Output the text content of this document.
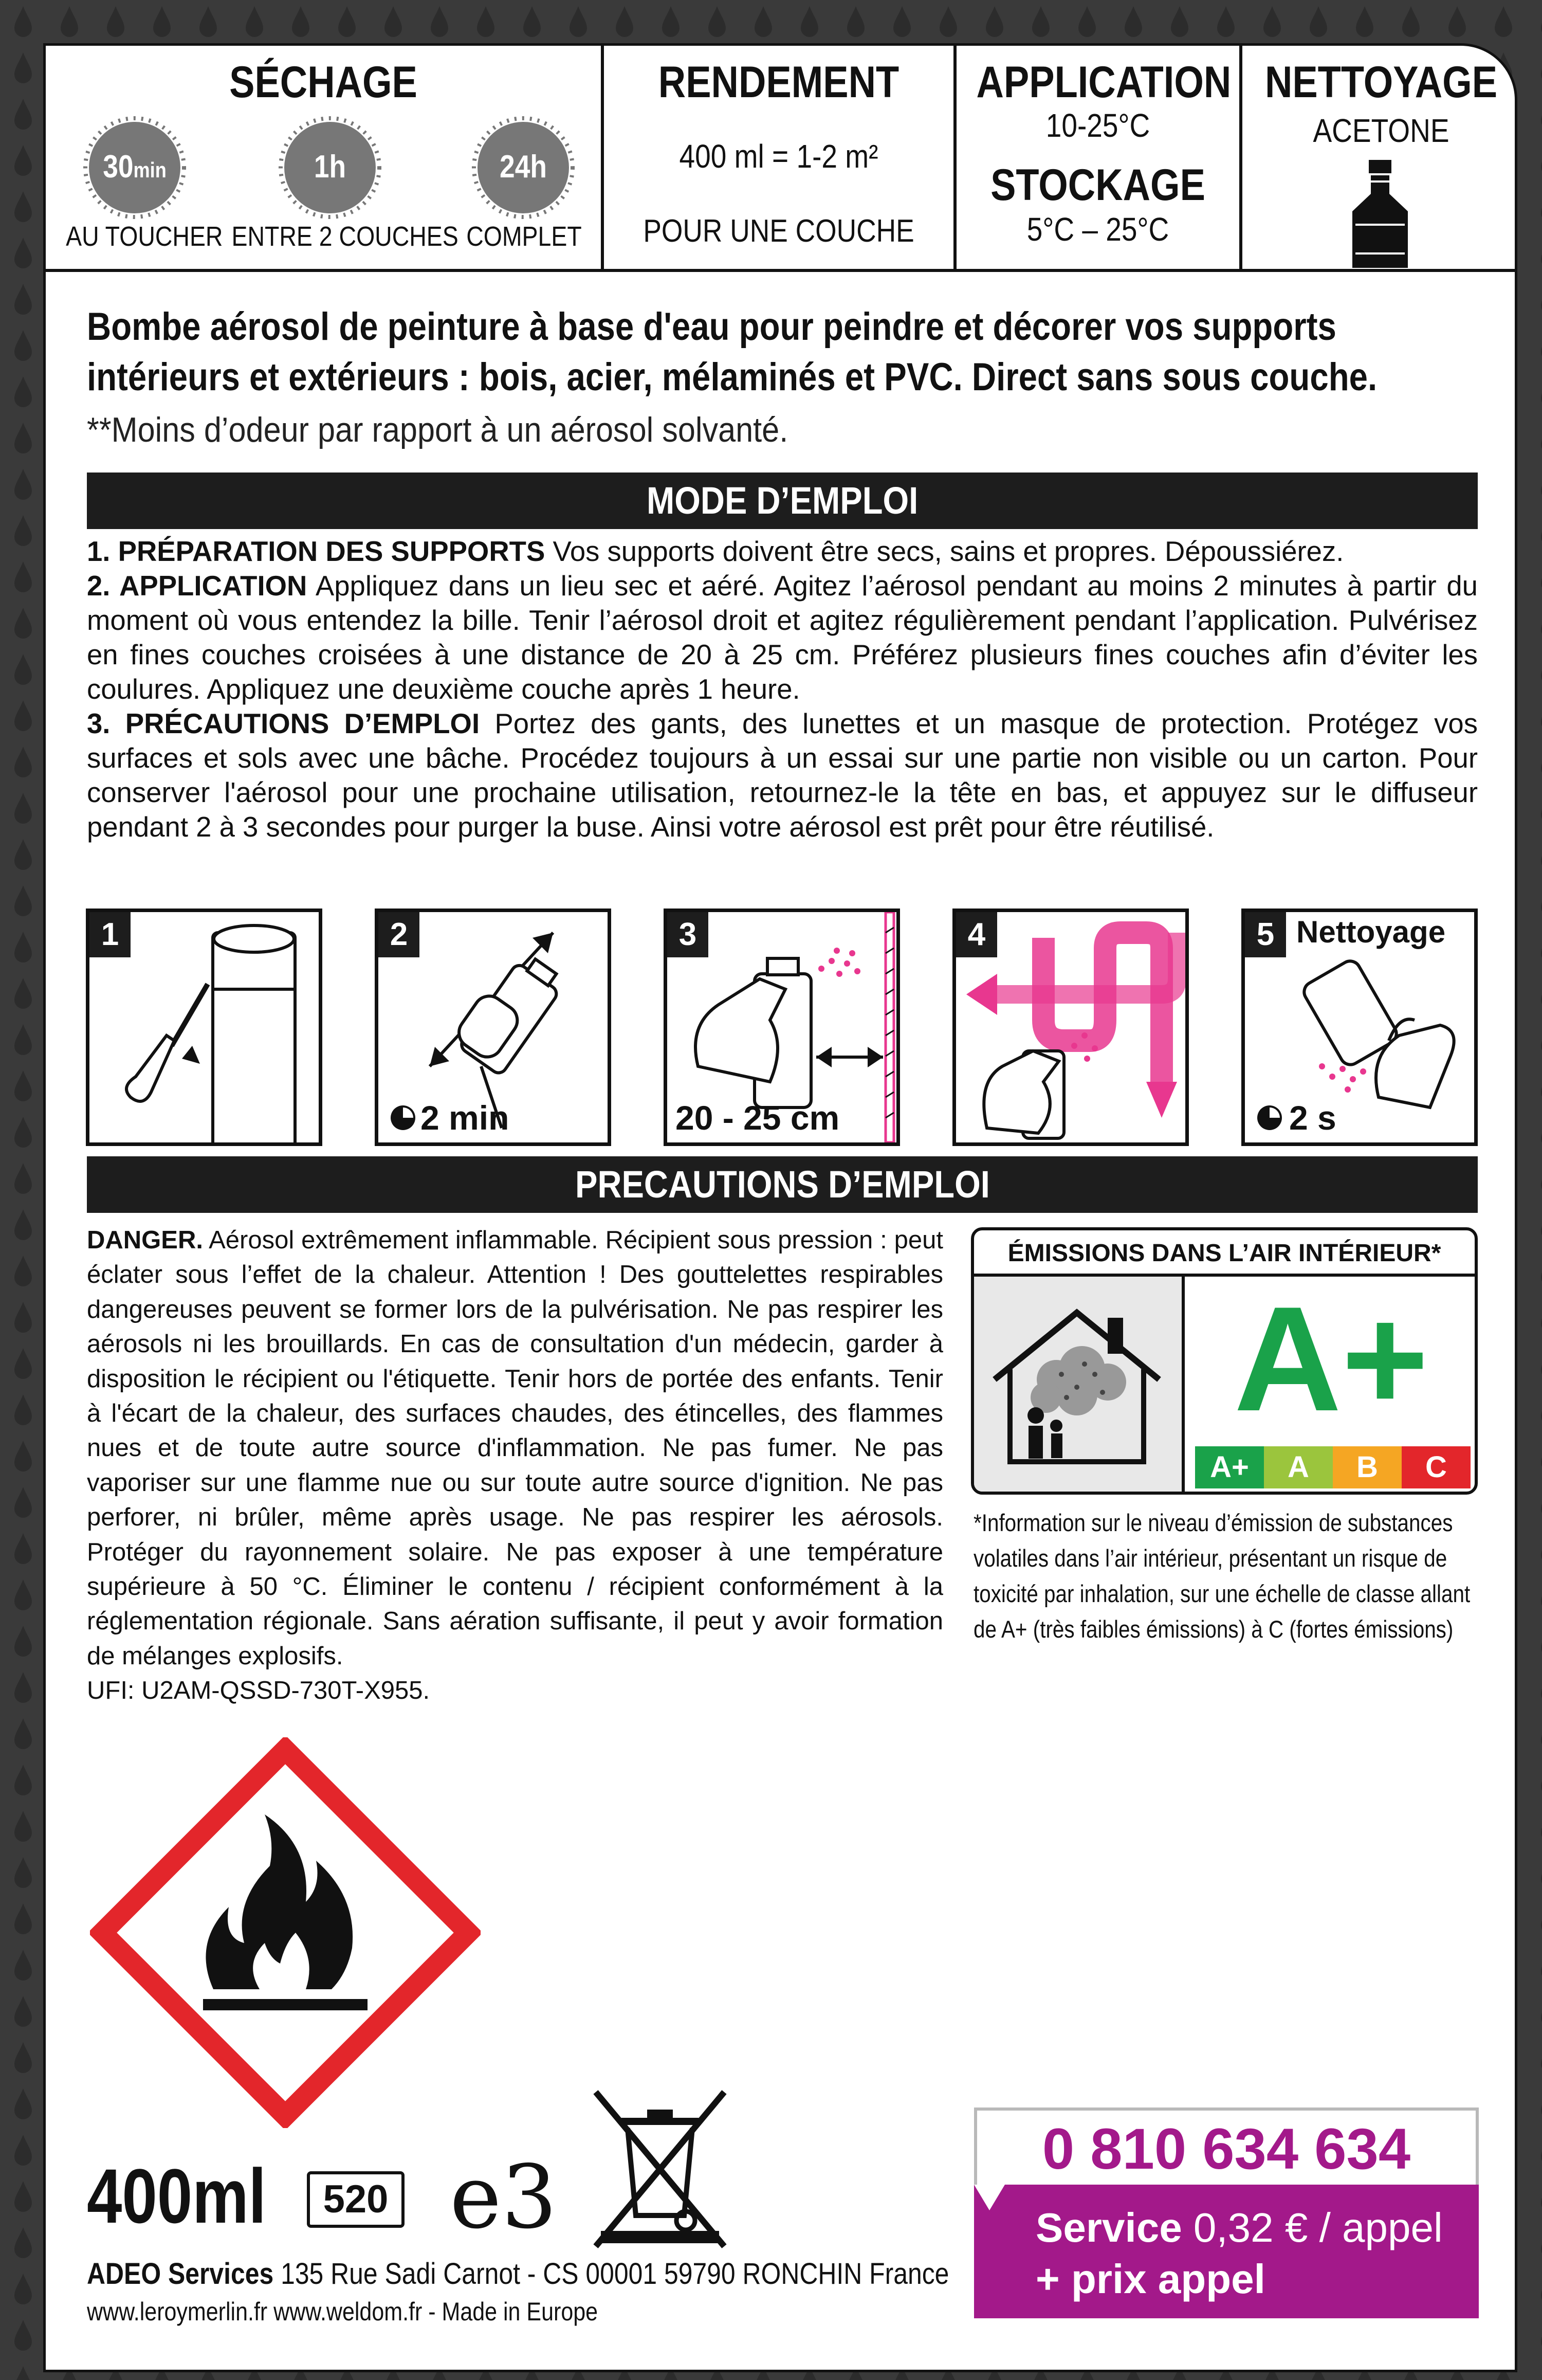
SÉCHAGE
30min	1h	24h
AU TOUCHER ENTRE 2 COUCHES COMPLET
RENDEMENT
400 ml = 1-2 m²
POUR UNE COUCHE
APPLICATION
10-25°C
STOCKAGE
5°C – 25°C
NETTOYAGE
ACETONE
Bombe aérosol de peinture à base d'eau pour peindre et décorer vos supports
intérieurs et extérieurs : bois, acier, mélaminés et PVC. Direct sans sous couche.
**Moins d’odeur par rapport à un aérosol solvanté.
MODE D’EMPLOI
1. PRÉPARATION DES SUPPORTS Vos supports doivent être secs, sains et propres. Dépoussiérez.
2. APPLICATION Appliquez dans un lieu sec et aéré. Agitez l’aérosol pendant au moins 2 minutes à partir du moment où vous entendez la bille. Tenir l’aérosol droit et agitez régulièrement pendant l’application. Pulvérisez en fines couches croisées à une distance de 20 à 25 cm. Préférez plusieurs fines couches afin d’éviter les coulures. Appliquez une deuxième couche après 1 heure.
3. PRÉCAUTIONS D’EMPLOI Portez des gants, des lunettes et un masque de protection. Protégez vos surfaces et sols avec une bâche. Procédez toujours à un essai sur une partie non visible ou un carton. Pour conserver l'aérosol pour une prochaine utilisation, retournez-le la tête en bas, et appuyez sur le diffuseur pendant 2 à 3 secondes pour purger la buse. Ainsi votre aérosol est prêt pour être réutilisé.
1	2
2 min
3
20 - 25 cm
4	5 Nettoyage
2 s
PRECAUTIONS D’EMPLOI
DANGER. Aérosol extrêmement inflammable. Récipient sous pression : peut éclater sous l’effet de la chaleur. Attention ! Des gouttelettes respirables dangereuses peuvent se former lors de la pulvérisation. Ne pas respirer les aérosols ni les brouillards. En cas de consultation d'un médecin, garder à disposition le récipient ou l'étiquette. Tenir hors de portée des enfants. Tenir à l'écart de la chaleur, des surfaces chaudes, des étincelles, des flammes nues et de toute autre source d'inflammation. Ne pas fumer. Ne pas vaporiser sur une flamme nue ou sur toute autre source d'ignition. Ne pas perforer, ni brûler, même après usage. Ne pas respirer les aérosols. Protéger du rayonnement solaire. Ne pas exposer à une température supérieure à 50 °C. Éliminer le contenu / récipient conformément à la réglementation régionale. Sans aération suffisante, il peut y avoir formation de mélanges explosifs.
UFI: U2AM-QSSD-730T-X955.
ÉMISSIONS DANS L’AIR INTÉRIEUR*
A+
A+	A	B	C
*Information sur le niveau d’émission de substances volatiles dans l’air intérieur, présentant un risque de toxicité par inhalation, sur une échelle de classe allant de A+ (très faibles émissions) à C (fortes émissions)
400ml	520 e3
ADEO Services 135 Rue Sadi Carnot - CS 00001 59790 RONCHIN France
www.leroymerlin.fr www.weldom.fr - Made in Europe
0 810 634 634
Service 0,32 € / appel
+ prix appel
